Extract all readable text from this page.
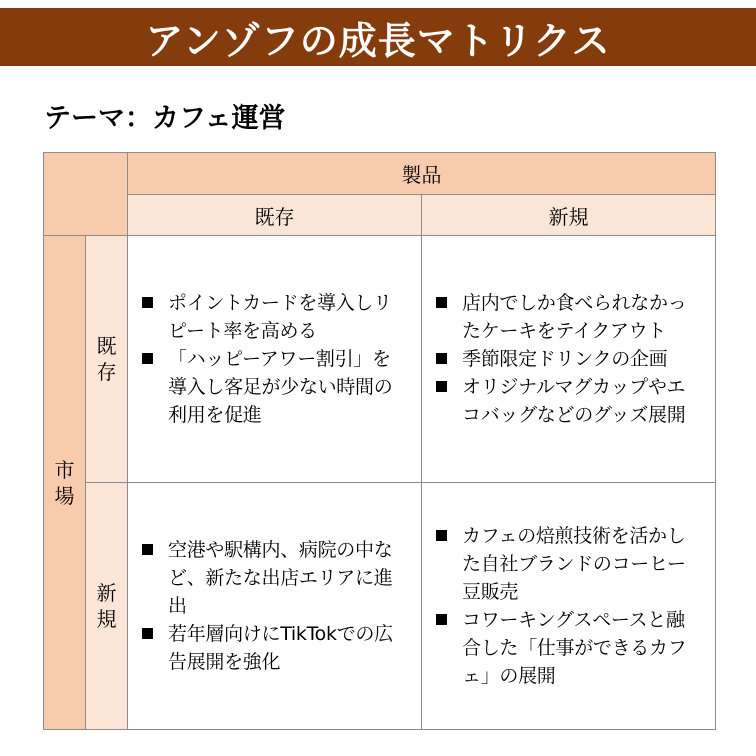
アンゾフの成長マトリクス
テーマ：カフェ運営
製品
既存	新規
市場
既存
新規
ポイントカードを導入しリピート率を高める
「ハッピーアワー割引」を導入し客足が少ない時間の利用を促進
店内でしか食べられなかったケーキをテイクアウト
季節限定ドリンクの企画
オリジナルマグカップやエコバッグなどのグッズ展開
空港や駅構内、病院の中など、新たな出店エリアに進出
若年層向けにTikTokでの広告展開を強化
カフェの焙煎技術を活かした自社ブランドのコーヒー豆販売
コワーキングスペースと融合した「仕事ができるカフェ」の展開
